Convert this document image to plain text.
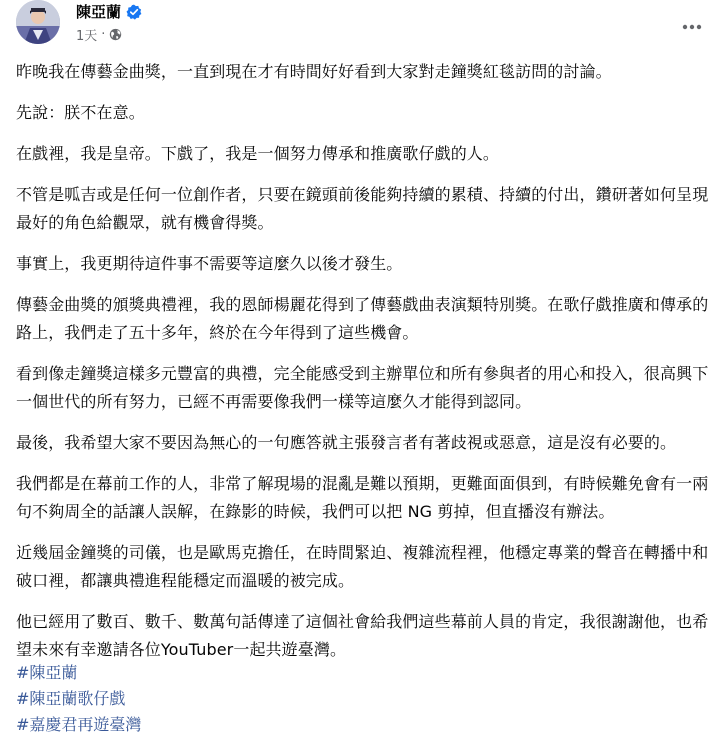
陳亞蘭
1天 ·

昨晚我在傳藝金曲獎，一直到現在才有時間好好看到大家對走鐘獎紅毯訪問的討論。

先說：朕不在意。

在戲裡，我是皇帝。下戲了，我是一個努力傳承和推廣歌仔戲的人。

不管是呱吉或是任何一位創作者，只要在鏡頭前後能夠持續的累積、持續的付出，鑽研著如何呈現最好的角色給觀眾，就有機會得獎。

事實上，我更期待這件事不需要等這麼久以後才發生。

傳藝金曲獎的頒獎典禮裡，我的恩師楊麗花得到了傳藝戲曲表演類特別獎。在歌仔戲推廣和傳承的路上，我們走了五十多年，終於在今年得到了這些機會。

看到像走鐘獎這樣多元豐富的典禮，完全能感受到主辦單位和所有參與者的用心和投入，很高興下一個世代的所有努力，已經不再需要像我們一樣等這麼久才能得到認同。

最後，我希望大家不要因為無心的一句應答就主張發言者有著歧視或惡意，這是沒有必要的。

我們都是在幕前工作的人，非常了解現場的混亂是難以預期，更難面面俱到，有時候難免會有一兩句不夠周全的話讓人誤解，在錄影的時候，我們可以把 NG 剪掉，但直播沒有辦法。

近幾屆金鐘獎的司儀，也是歐馬克擔任，在時間緊迫、複雜流程裡，他穩定專業的聲音在轉播中和破口裡，都讓典禮進程能穩定而溫暖的被完成。

他已經用了數百、數千、數萬句話傳達了這個社會給我們這些幕前人員的肯定，我很謝謝他，也希望未來有幸邀請各位YouTuber一起共遊臺灣。

#陳亞蘭
#陳亞蘭歌仔戲
#嘉慶君再遊臺灣
